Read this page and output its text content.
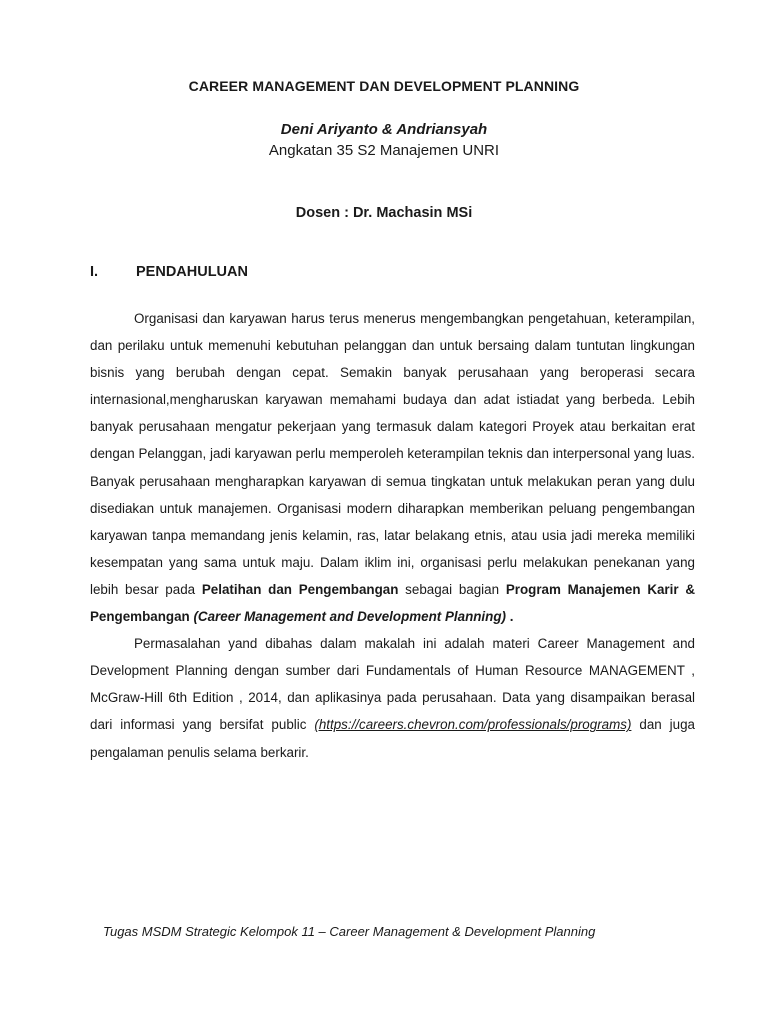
CAREER MANAGEMENT DAN DEVELOPMENT PLANNING
Deni Ariyanto & Andriansyah
Angkatan 35 S2 Manajemen UNRI
Dosen : Dr. Machasin MSi
I.	PENDAHULUAN

Organisasi dan karyawan harus terus menerus mengembangkan pengetahuan, keterampilan, dan perilaku untuk memenuhi kebutuhan pelanggan dan untuk bersaing dalam tuntutan lingkungan bisnis yang berubah dengan cepat. Semakin banyak perusahaan yang beroperasi secara internasional,mengharuskan karyawan memahami budaya dan adat istiadat yang berbeda. Lebih banyak perusahaan mengatur pekerjaan yang termasuk dalam kategori Proyek atau berkaitan erat dengan Pelanggan, jadi karyawan perlu memperoleh keterampilan teknis dan interpersonal yang luas. Banyak perusahaan mengharapkan karyawan di semua tingkatan untuk melakukan peran yang dulu disediakan untuk manajemen. Organisasi modern diharapkan memberikan peluang pengembangan karyawan tanpa memandang jenis kelamin, ras, latar belakang etnis, atau usia jadi mereka memiliki kesempatan yang sama untuk maju. Dalam iklim ini, organisasi perlu melakukan penekanan yang lebih besar pada Pelatihan dan Pengembangan sebagai bagian Program Manajemen Karir & Pengembangan (Career Management and Development Planning) .

Permasalahan yand dibahas dalam makalah ini adalah materi Career Management and Development Planning dengan sumber dari Fundamentals of Human Resource MANAGEMENT , McGraw-Hill 6th Edition , 2014, dan aplikasinya pada perusahaan. Data yang disampaikan berasal dari informasi yang bersifat public (https://careers.chevron.com/professionals/programs) dan juga pengalaman penulis selama berkarir.

Tugas MSDM Strategic Kelompok 11 – Career Management & Development Planning
